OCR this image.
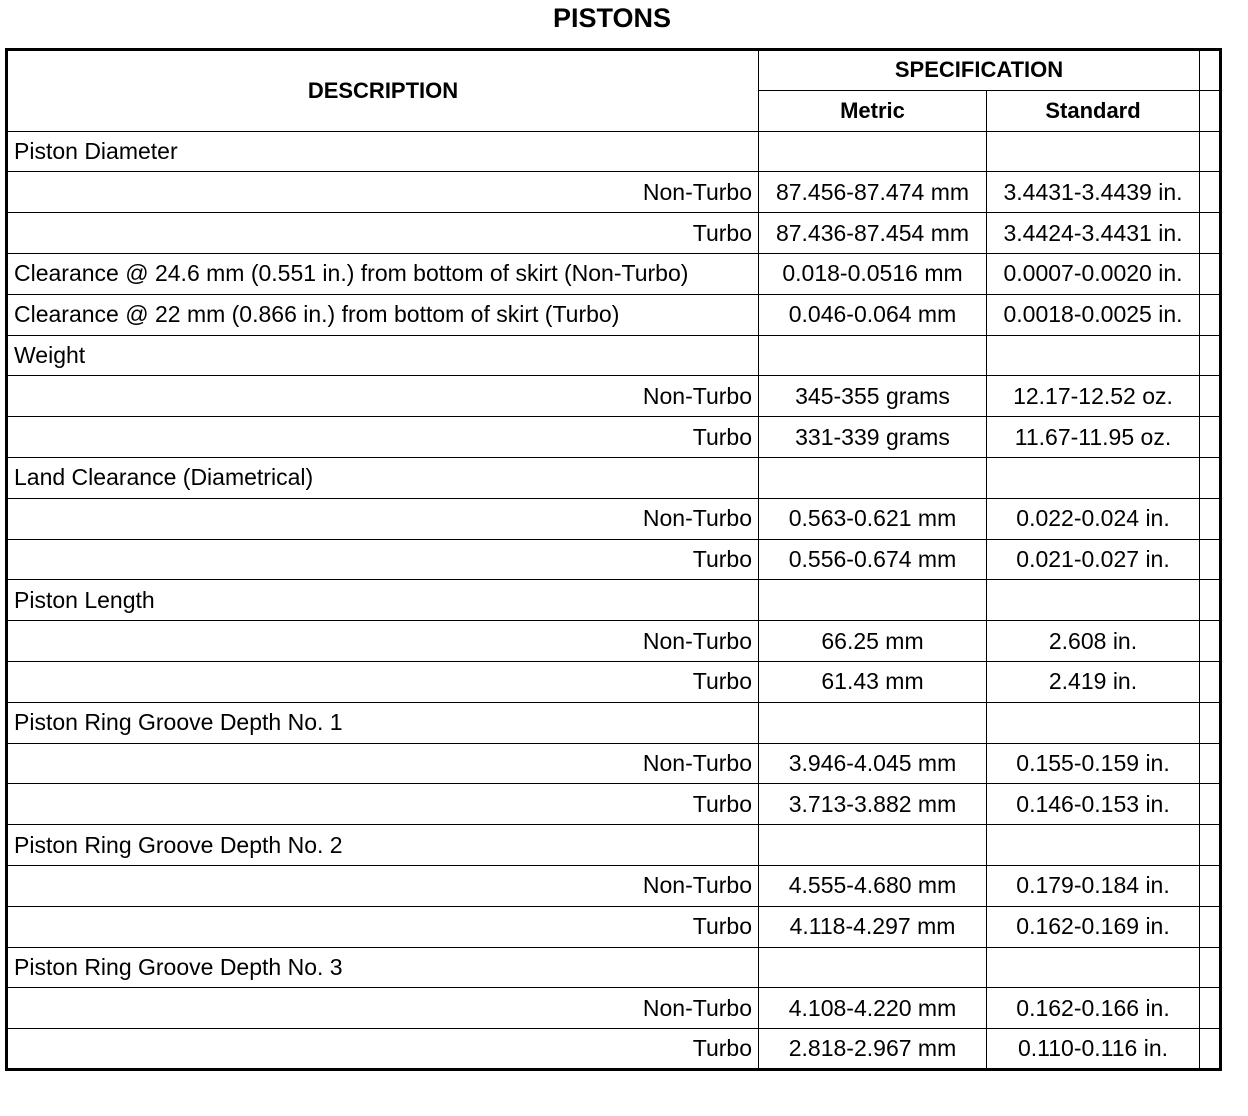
PISTONS
DESCRIPTION	SPECIFICATION		
	Metric	Standard	
Piston Diameter			
Non-Turbo	87.456-87.474 mm	3.4431-3.4439 in.	
Turbo	87.436-87.454 mm	3.4424-3.4431 in.	
Clearance @ 24.6 mm (0.551 in.) from bottom of skirt (Non-Turbo)	0.018-0.0516 mm	0.0007-0.0020 in.	
Clearance @ 22 mm (0.866 in.) from bottom of skirt (Turbo)	0.046-0.064 mm	0.0018-0.0025 in.	
Weight			
Non-Turbo	345-355 grams	12.17-12.52 oz.	
Turbo	331-339 grams	11.67-11.95 oz.	
Land Clearance (Diametrical)			
Non-Turbo	0.563-0.621 mm	0.022-0.024 in.	
Turbo	0.556-0.674 mm	0.021-0.027 in.	
Piston Length			
Non-Turbo	66.25 mm	2.608 in.	
Turbo	61.43 mm	2.419 in.	
Piston Ring Groove Depth No. 1			
Non-Turbo	3.946-4.045 mm	0.155-0.159 in.	
Turbo	3.713-3.882 mm	0.146-0.153 in.	
Piston Ring Groove Depth No. 2			
Non-Turbo	4.555-4.680 mm	0.179-0.184 in.	
Turbo	4.118-4.297 mm	0.162-0.169 in.	
Piston Ring Groove Depth No. 3			
Non-Turbo	4.108-4.220 mm	0.162-0.166 in.	
Turbo	2.818-2.967 mm	0.110-0.116 in.	
